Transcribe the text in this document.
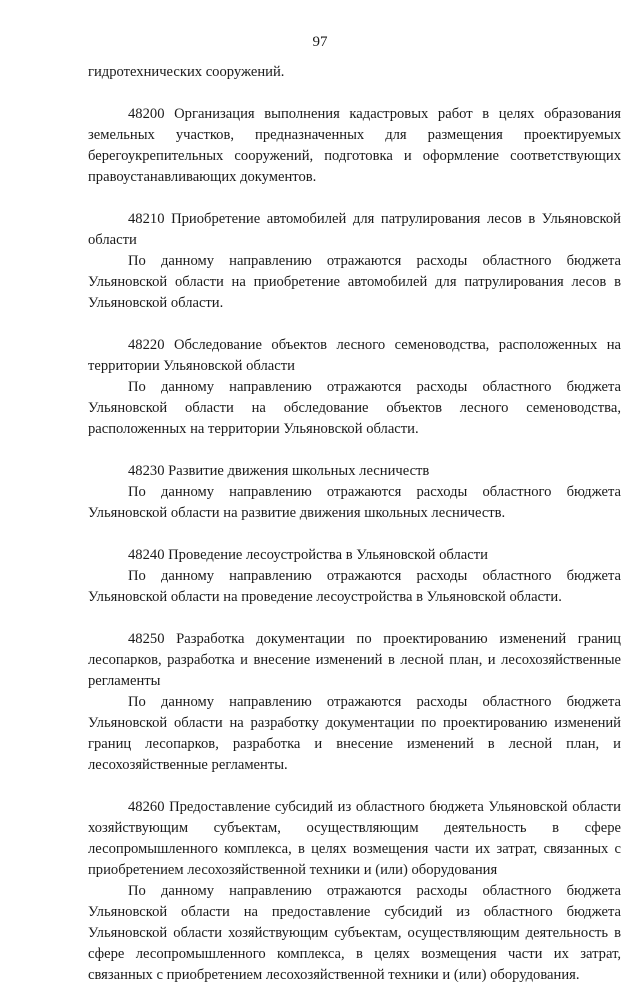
97

гидротехнических сооружений.

48200 Организация выполнения кадастровых работ в целях образования земельных участков, предназначенных для размещения проектируемых берегоукрепительных сооружений, подготовка и оформление соответствующих правоустанавливающих документов.

48210 Приобретение автомобилей для патрулирования лесов в Ульяновской области

По данному направлению отражаются расходы областного бюджета Ульяновской области на приобретение автомобилей для патрулирования лесов в Ульяновской области.

48220 Обследование объектов лесного семеноводства, расположенных на территории Ульяновской области

По данному направлению отражаются расходы областного бюджета Ульяновской области на обследование объектов лесного семеноводства, расположенных на территории Ульяновской области.

48230 Развитие движения школьных лесничеств

По данному направлению отражаются расходы областного бюджета Ульяновской области на развитие движения школьных лесничеств.

48240 Проведение лесоустройства в Ульяновской области

По данному направлению отражаются расходы областного бюджета Ульяновской области на проведение лесоустройства в Ульяновской области.

48250 Разработка документации по проектированию изменений границ лесопарков, разработка и внесение изменений в лесной план, и лесохозяйственные регламенты

По данному направлению отражаются расходы областного бюджета Ульяновской области на разработку документации по проектированию изменений границ лесопарков, разработка и внесение изменений в лесной план, и лесохозяйственные регламенты.

48260 Предоставление субсидий из областного бюджета Ульяновской области хозяйствующим субъектам, осуществляющим деятельность в сфере лесопромышленного комплекса, в целях возмещения части их затрат, связанных с приобретением лесохозяйственной техники и (или) оборудования

По данному направлению отражаются расходы областного бюджета Ульяновской области на предоставление субсидий из областного бюджета Ульяновской области хозяйствующим субъектам, осуществляющим деятельность в сфере лесопромышленного комплекса, в целях возмещения части их затрат, связанных с приобретением лесохозяйственной техники и (или) оборудования.
